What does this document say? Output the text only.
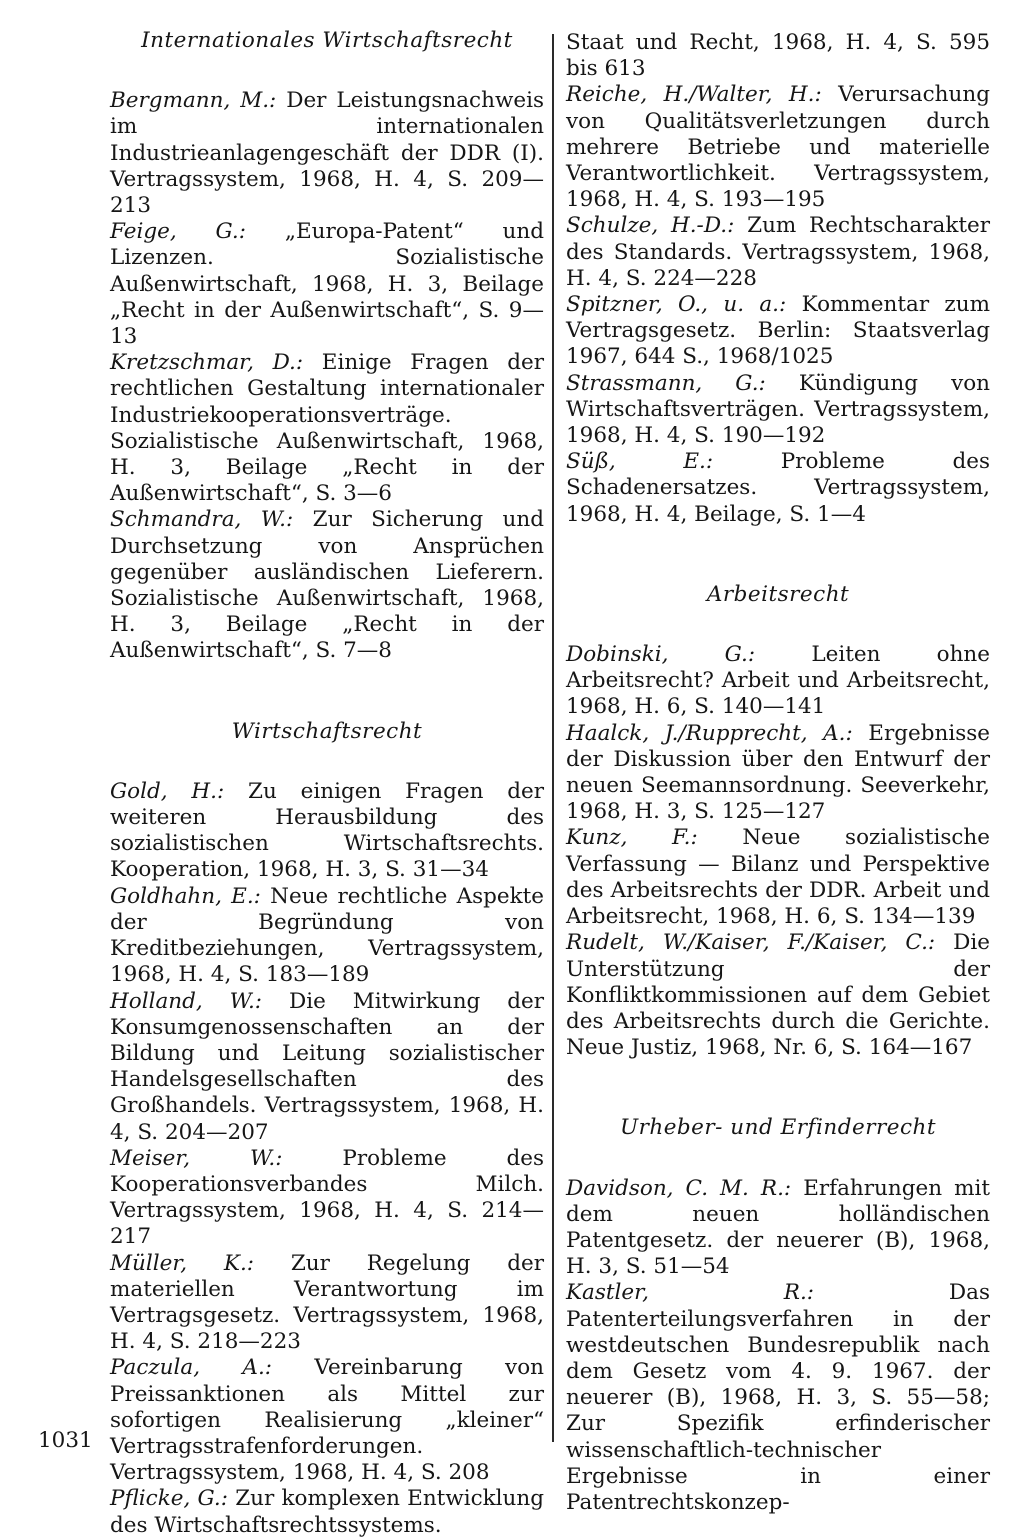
Internationales Wirtschaftsrecht

Bergmann, M.: Der Leistungsnachweis im internationalen Industrieanlagengeschäft der DDR (I). Vertragssystem, 1968, H. 4, S. 209—213

Feige, G.: „Europa-Patent“ und Lizenzen. Sozialistische Außenwirtschaft, 1968, H. 3, Beilage „Recht in der Außenwirtschaft“, S. 9—13

Kretzschmar, D.: Einige Fragen der rechtlichen Gestaltung internationaler Industriekooperationsverträge. Sozialistische Außenwirtschaft, 1968, H. 3, Beilage „Recht in der Außenwirtschaft“, S. 3—6

Schmandra, W.: Zur Sicherung und Durchsetzung von Ansprüchen gegenüber ausländischen Lieferern. Sozialistische Außenwirtschaft, 1968, H. 3, Beilage „Recht in der Außenwirtschaft“, S. 7—8

Wirtschaftsrecht

Gold, H.: Zu einigen Fragen der weiteren Herausbildung des sozialistischen Wirtschaftsrechts. Kooperation, 1968, H. 3, S. 31—34

Goldhahn, E.: Neue rechtliche Aspekte der Begründung von Kreditbeziehungen, Vertragssystem, 1968, H. 4, S. 183—189

Holland, W.: Die Mitwirkung der Konsumgenossenschaften an der Bildung und Leitung sozialistischer Handelsgesellschaften des Großhandels. Vertragssystem, 1968, H. 4, S. 204—207

Meiser, W.:	Probleme des Kooperationsverbandes Milch. Vertragssystem, 1968, H. 4, S. 214—217

Müller, K.: Zur Regelung der materiellen Verantwortung im Vertragsgesetz. Vertragssystem, 1968, H. 4, S. 218—223

Paczula, A.: Vereinbarung von Preissanktionen als Mittel zur sofortigen Realisierung „kleiner“ Vertragsstrafenforderungen. Vertragssystem, 1968, H. 4, S. 208

Pflicke, G.: Zur komplexen Entwicklung des Wirtschaftsrechtssystems.

Staat und Recht, 1968, H. 4, S. 595 bis 613

Reiche, H./Walter, H.: Verursachung von Qualitätsverletzungen durch mehrere Betriebe und materielle Verantwortlichkeit. Vertragssystem, 1968, H. 4, S. 193—195

Schulze, H.-D.: Zum Rechtscharakter des Standards. Vertragssystem, 1968, H. 4, S. 224—228

Spitzner, O., u. a.: Kommentar zum Vertragsgesetz. Berlin: Staatsverlag 1967, 644 S., 1968/1025

Strassmann, G.: Kündigung von Wirtschaftsverträgen. Vertragssystem, 1968, H. 4, S. 190—192

Süß, E.:	Probleme des Schadenersatzes. Vertragssystem, 1968, H. 4, Beilage, S. 1—4

Arbeitsrecht

Dobinski, G.:	Leiten ohne Arbeitsrecht? Arbeit und Arbeitsrecht, 1968, H. 6, S. 140—141

Haalck, J./Rupprecht, A.: Ergebnisse der Diskussion über den Entwurf der neuen Seemannsordnung. Seeverkehr, 1968, H. 3, S. 125—127

Kunz, F.: Neue sozialistische Verfassung — Bilanz und Perspektive des Arbeitsrechts der DDR. Arbeit und Arbeitsrecht, 1968, H. 6, S. 134—139

Rudelt, W./Kaiser, F./Kaiser, C.: Die Unterstützung der Konfliktkommissionen auf dem Gebiet des Arbeitsrechts durch die Gerichte. Neue Justiz, 1968, Nr. 6, S. 164—167

Urheber- und Erfinderrecht

Davidson, C. M. R.: Erfahrungen mit dem neuen holländischen Patentgesetz. der neuerer (B), 1968, H. 3, S. 51—54

Kastler, R.:	Das Patenterteilungsverfahren in der westdeutschen Bundesrepublik nach dem Gesetz vom 4. 9. 1967. der neuerer (B), 1968, H. 3, S. 55—58; Zur Spezifik erfinderischer wissenschaftlich-technischer Ergebnisse in einer Patentrechtskonzep-

1031
